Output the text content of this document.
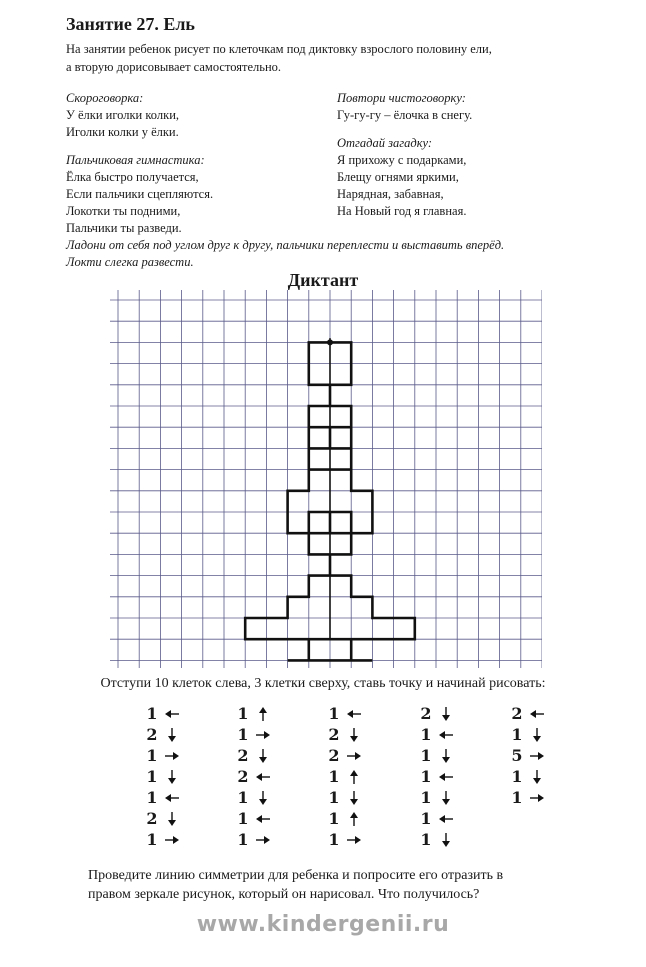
Занятие 27. Ель
На занятии ребенок рисует по клеточкам под диктовку взрослого половину ели,
а вторую дорисовывает самостоятельно.

Скороговорка:

У ёлки иголки колки,

Иголки колки у ёлки.

Пальчиковая гимнастика:

Ёлка быстро получается,

Если пальчики сцепляются.

Локотки ты подними,

Пальчики ты разведи.

Повтори чистоговорку:

Гу-гу-гу – ёлочка в снегу.

Отгадай загадку:

Я прихожу с подарками,

Блещу огнями яркими,

Нарядная, забавная,

На Новый год я главная.

Ладони от себя под углом друг к другу, пальчики переплести и выставить вперёд.
Локти слегка развести.
Диктант
Отступи 10 клеток слева, 3 клетки сверху, ставь точку и начинай рисовать:
1
2
1
1
1
2
1
1
1
2
2
1
1
1
1
2
2
1
1
1
1
2
1
1
1
1
1
1
2
1
5
1
1
Проведите линию симметрии для ребенка и попросите его отразить в
правом зеркале рисунок, который он нарисовал. Что получилось?
www.kindergenii.ru
